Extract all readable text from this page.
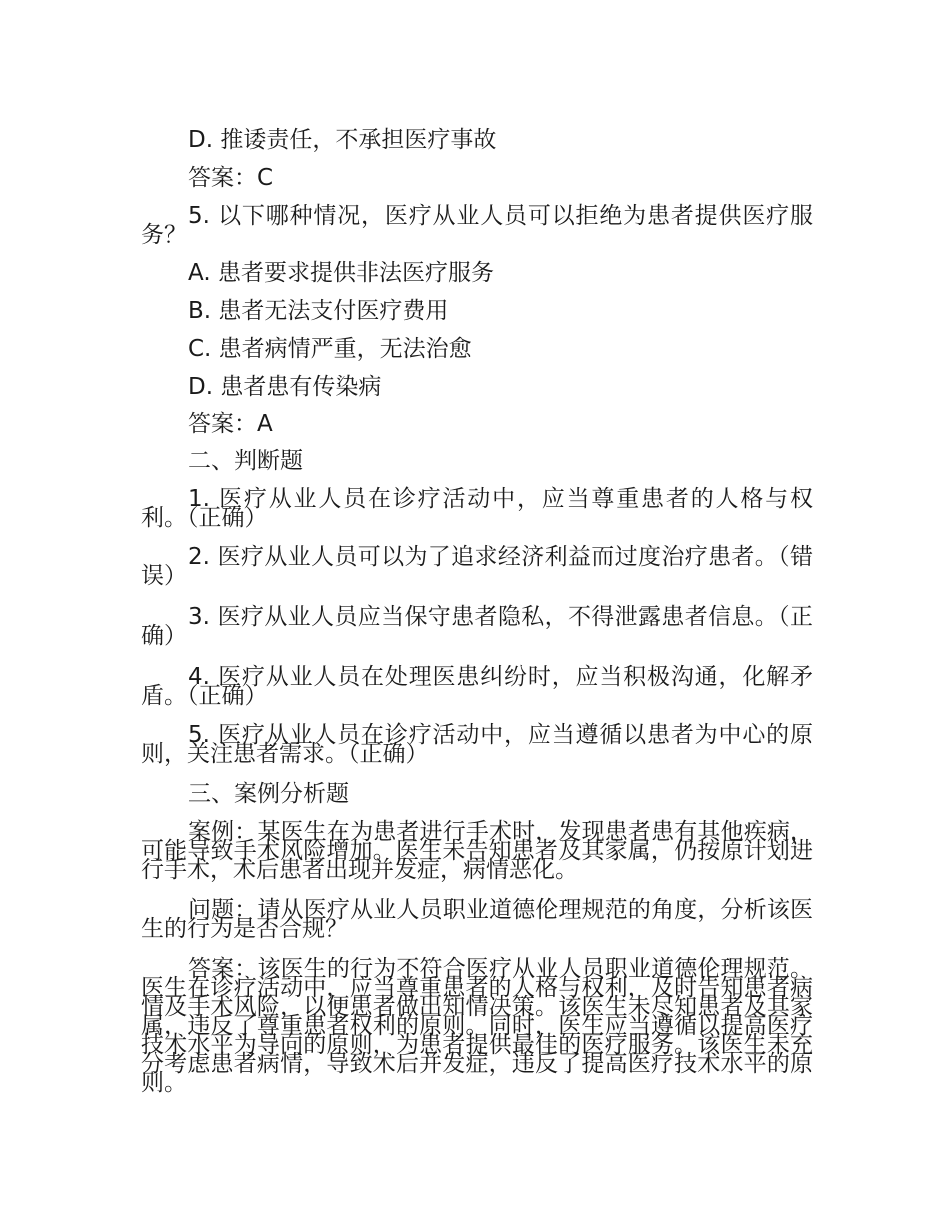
D. 推诿责任，不承担医疗事故

答案：C

5. 以下哪种情况，医疗从业人员可以拒绝为患者提供医疗服务？

A. 患者要求提供非法医疗服务

B. 患者无法支付医疗费用

C. 患者病情严重，无法治愈

D. 患者患有传染病

答案：A

二、判断题

1. 医疗从业人员在诊疗活动中，应当尊重患者的人格与权利。（正确）

2. 医疗从业人员可以为了追求经济利益而过度治疗患者。（错误）

3. 医疗从业人员应当保守患者隐私，不得泄露患者信息。（正确）

4. 医疗从业人员在处理医患纠纷时，应当积极沟通，化解矛盾。（正确）

5. 医疗从业人员在诊疗活动中，应当遵循以患者为中心的原则，关注患者需求。（正确）

三、案例分析题

案例：某医生在为患者进行手术时，发现患者患有其他疾病，可能导致手术风险增加。医生未告知患者及其家属，仍按原计划进行手术，术后患者出现并发症，病情恶化。

问题：请从医疗从业人员职业道德伦理规范的角度，分析该医生的行为是否合规？

答案：该医生的行为不符合医疗从业人员职业道德伦理规范。医生在诊疗活动中，应当尊重患者的人格与权利，及时告知患者病情及手术风险，以便患者做出知情决策。该医生未尽知患者及其家属，违反了尊重患者权利的原则。同时，医生应当遵循以提高医疗技术水平为导向的原则，为患者提供最佳的医疗服务。该医生未充分考虑患者病情，导致术后并发症，违反了提高医疗技术水平的原则。
